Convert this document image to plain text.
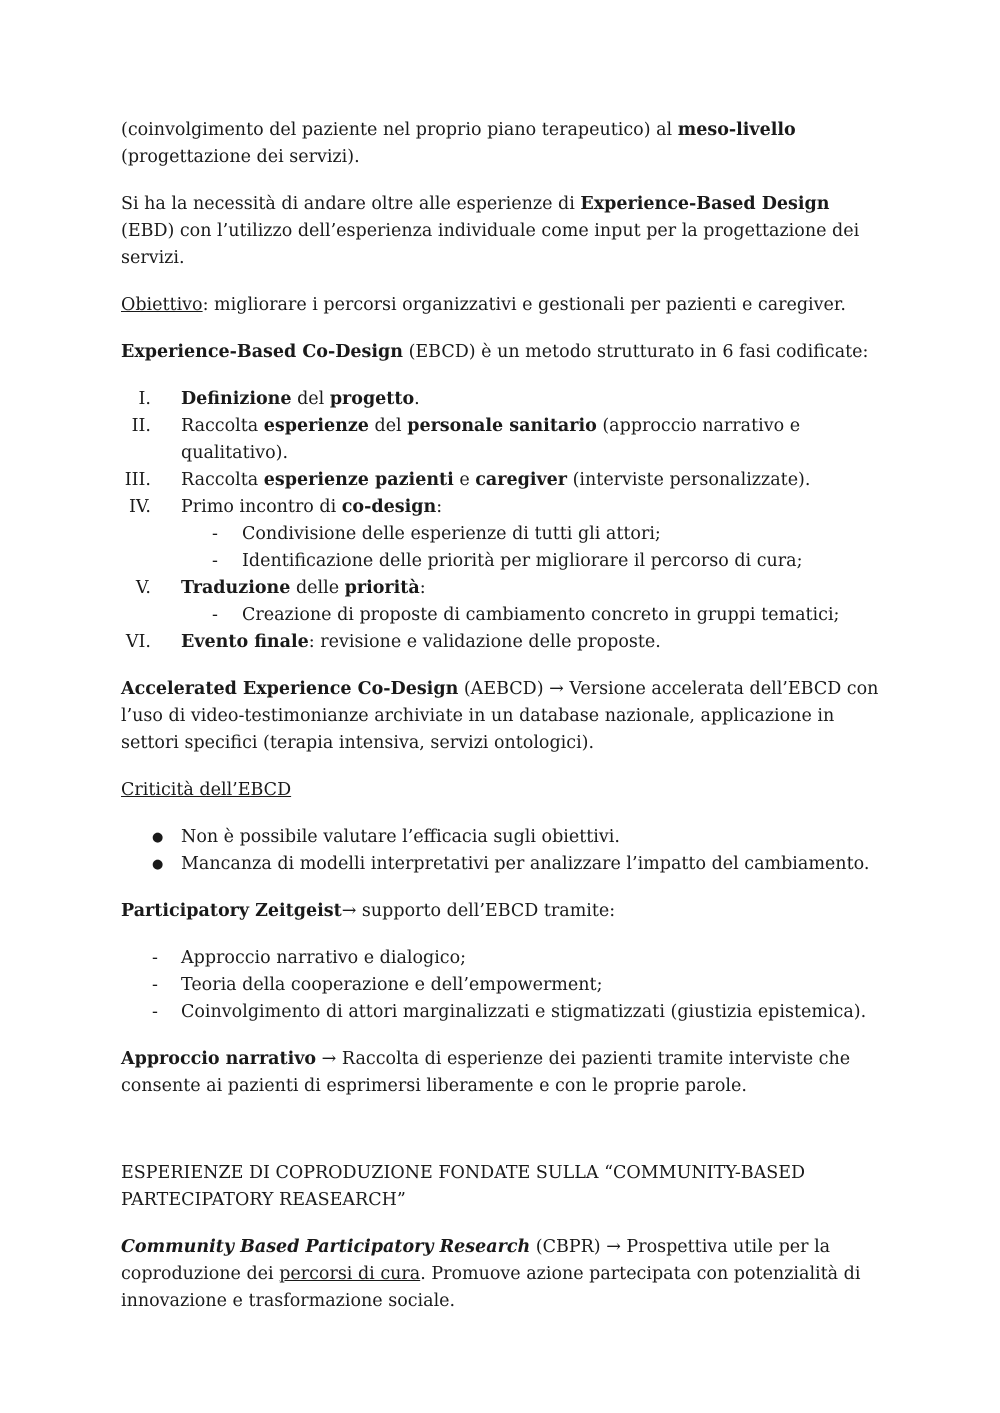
(coinvolgimento del paziente nel proprio piano terapeutico) al meso-livello (progettazione dei servizi).

Si ha la necessità di andare oltre alle esperienze di Experience-Based Design (EBD) con l’utilizzo dell’esperienza individuale come input per la progettazione dei servizi.

Obiettivo: migliorare i percorsi organizzativi e gestionali per pazienti e caregiver.

Experience-Based Co-Design (EBCD) è un metodo strutturato in 6 fasi codificate:

I. Definizione del progetto.
II. Raccolta esperienze del personale sanitario (approccio narrativo e qualitativo).
III. Raccolta esperienze pazienti e caregiver (interviste personalizzate).
IV. Primo incontro di co-design:
- Condivisione delle esperienze di tutti gli attori;
- Identificazione delle priorità per migliorare il percorso di cura;
V. Traduzione delle priorità:
- Creazione di proposte di cambiamento concreto in gruppi tematici;
VI. Evento finale: revisione e validazione delle proposte.

Accelerated Experience Co-Design (AEBCD) → Versione accelerata dell’EBCD con l’uso di video-testimonianze archiviate in un database nazionale, applicazione in settori specifici (terapia intensiva, servizi ontologici).

Criticità dell’EBCD

● Non è possibile valutare l’efficacia sugli obiettivi.
● Mancanza di modelli interpretativi per analizzare l’impatto del cambiamento.

Participatory Zeitgeist→ supporto dell’EBCD tramite:

- Approccio narrativo e dialogico;
- Teoria della cooperazione e dell’empowerment;
- Coinvolgimento di attori marginalizzati e stigmatizzati (giustizia epistemica).

Approccio narrativo → Raccolta di esperienze dei pazienti tramite interviste che consente ai pazienti di esprimersi liberamente e con le proprie parole.

ESPERIENZE DI COPRODUZIONE FONDATE SULLA “COMMUNITY-BASED PARTECIPATORY REASEARCH”

Community Based Participatory Research (CBPR) → Prospettiva utile per la coproduzione dei percorsi di cura. Promuove azione partecipata con potenzialità di innovazione e trasformazione sociale.
